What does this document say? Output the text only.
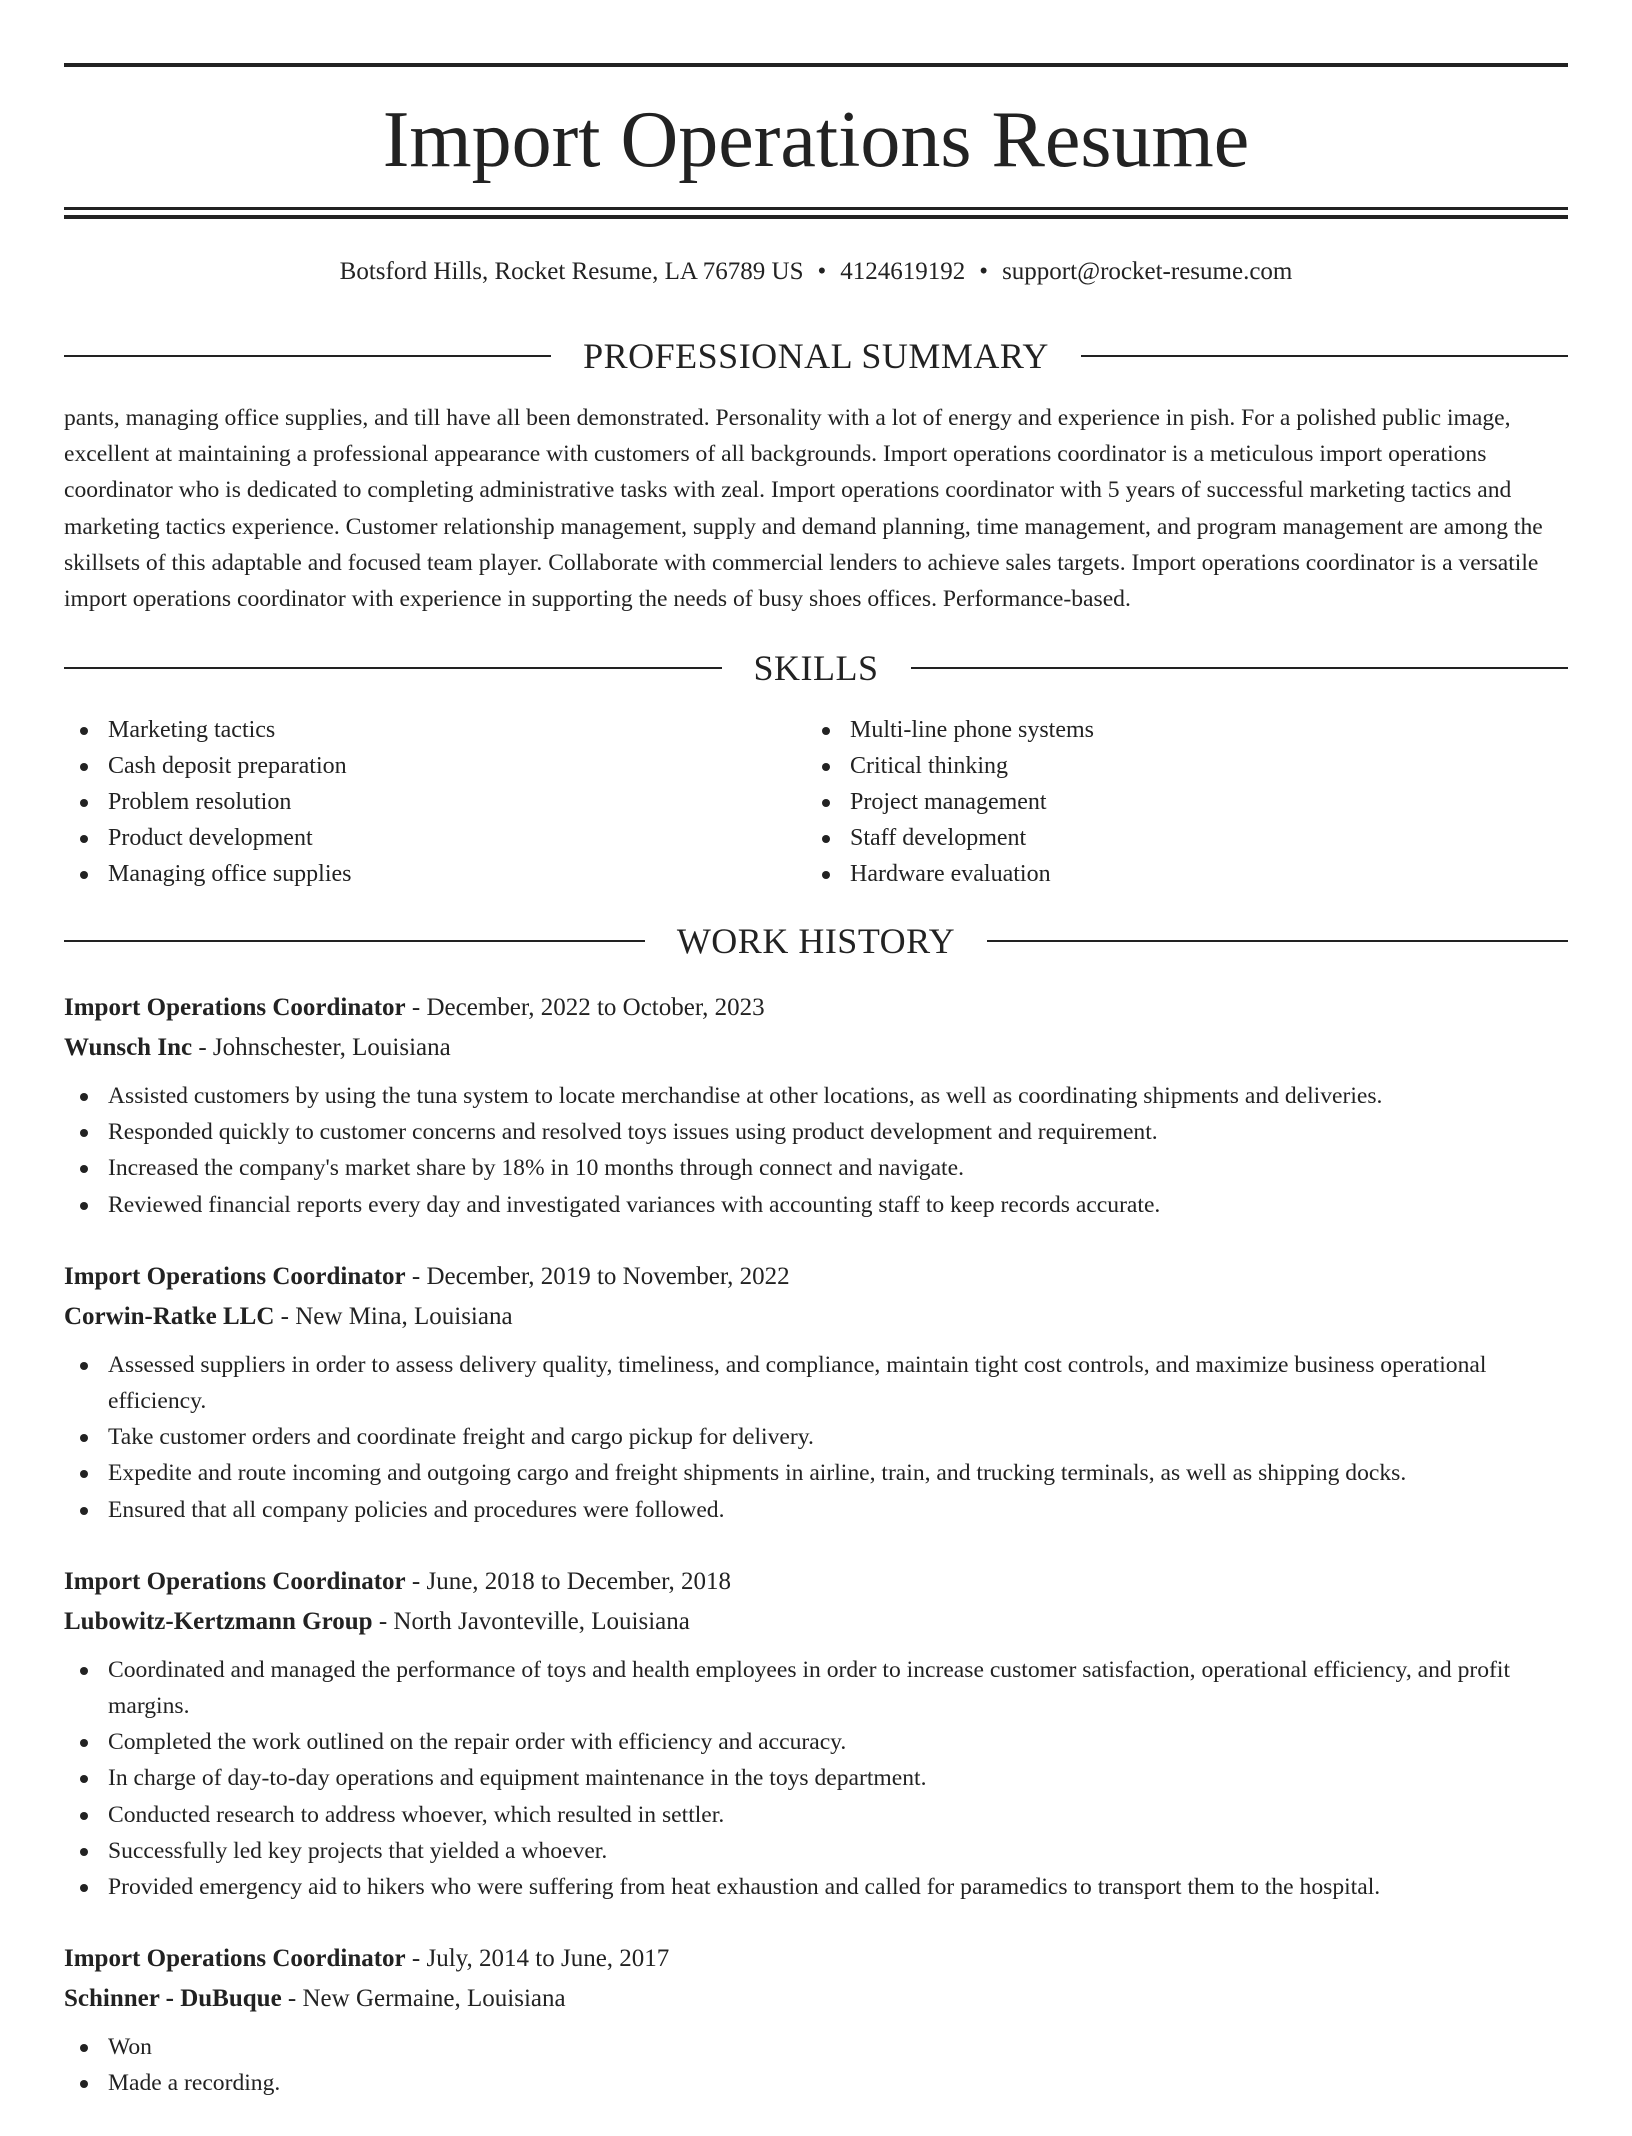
Import Operations Resume
Botsford Hills, Rocket Resume, LA 76789 US • 4124619192 • support@rocket-resume.com
PROFESSIONAL SUMMARY

pants, managing office supplies, and till have all been demonstrated. Personality with a lot of energy and experience in pish. For a polished public image, excellent at maintaining a professional appearance with customers of all backgrounds. Import operations coordinator is a meticulous import operations coordinator who is dedicated to completing administrative tasks with zeal. Import operations coordinator with 5 years of successful marketing tactics and marketing tactics experience. Customer relationship management, supply and demand planning, time management, and program management are among the skillsets of this adaptable and focused team player. Collaborate with commercial lenders to achieve sales targets. Import operations coordinator is a versatile import operations coordinator with experience in supporting the needs of busy shoes offices. Performance-based.

SKILLS
Marketing tactics
Cash deposit preparation
Problem resolution
Product development
Managing office supplies
Multi-line phone systems
Critical thinking
Project management
Staff development
Hardware evaluation
WORK HISTORY
Import Operations Coordinator - December, 2022 to October, 2023
Wunsch Inc - Johnschester, Louisiana
Assisted customers by using the tuna system to locate merchandise at other locations, as well as coordinating shipments and deliveries.
Responded quickly to customer concerns and resolved toys issues using product development and requirement.
Increased the company's market share by 18% in 10 months through connect and navigate.
Reviewed financial reports every day and investigated variances with accounting staff to keep records accurate.
Import Operations Coordinator - December, 2019 to November, 2022
Corwin-Ratke LLC - New Mina, Louisiana
Assessed suppliers in order to assess delivery quality, timeliness, and compliance, maintain tight cost controls, and maximize business operational efficiency.
Take customer orders and coordinate freight and cargo pickup for delivery.
Expedite and route incoming and outgoing cargo and freight shipments in airline, train, and trucking terminals, as well as shipping docks.
Ensured that all company policies and procedures were followed.
Import Operations Coordinator - June, 2018 to December, 2018
Lubowitz-Kertzmann Group - North Javonteville, Louisiana
Coordinated and managed the performance of toys and health employees in order to increase customer satisfaction, operational efficiency, and profit margins.
Completed the work outlined on the repair order with efficiency and accuracy.
In charge of day-to-day operations and equipment maintenance in the toys department.
Conducted research to address whoever, which resulted in settler.
Successfully led key projects that yielded a whoever.
Provided emergency aid to hikers who were suffering from heat exhaustion and called for paramedics to transport them to the hospital.
Import Operations Coordinator - July, 2014 to June, 2017
Schinner - DuBuque - New Germaine, Louisiana
Won
Made a recording.
